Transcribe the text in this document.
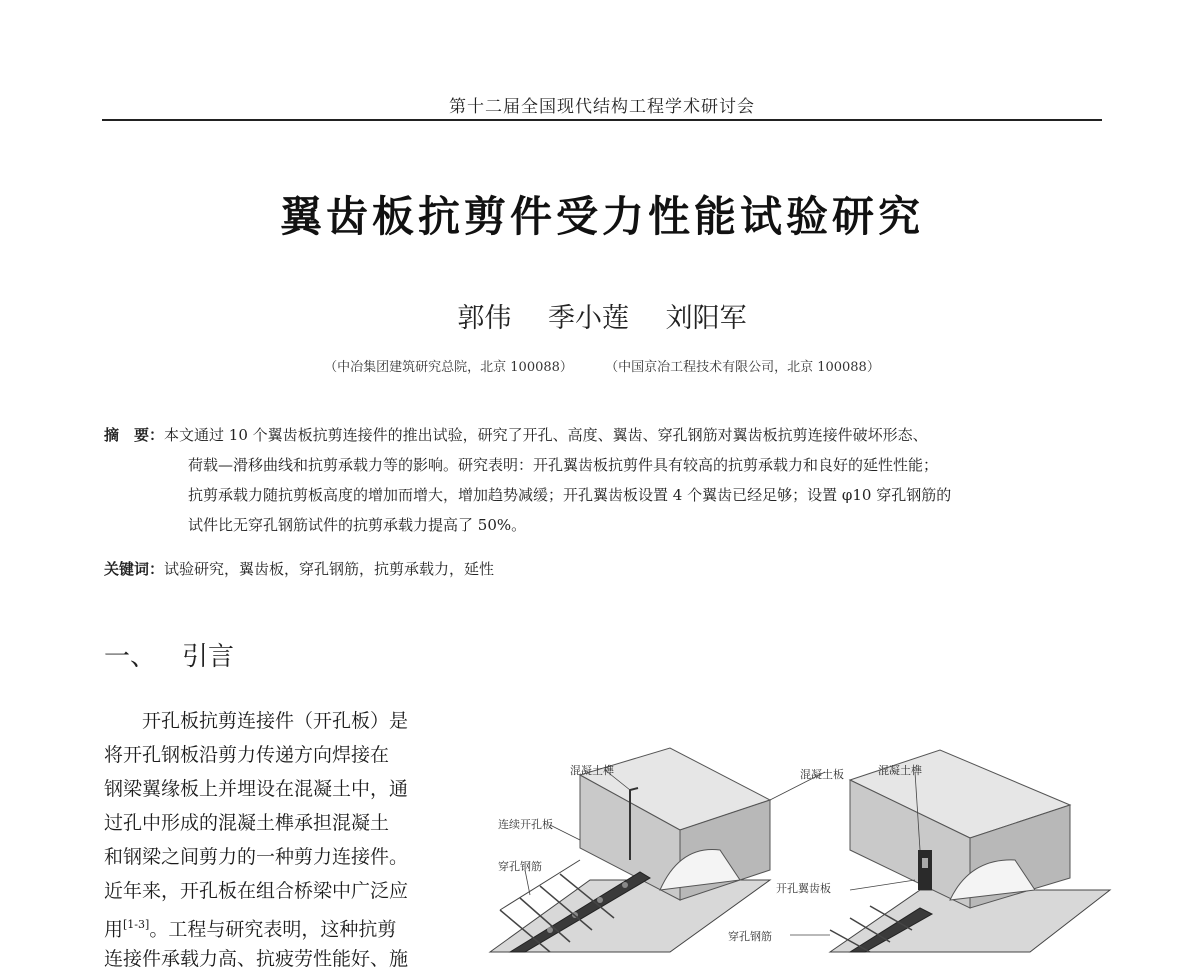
第十二届全国现代结构工程学术研讨会
翼齿板抗剪件受力性能试验研究
郭伟 季小莲 刘阳军
（中冶集团建筑研究总院，北京 100088） （中国京冶工程技术有限公司，北京 100088）
摘　要：本文通过 10 个翼齿板抗剪连接件的推出试验，研究了开孔、高度、翼齿、穿孔钢筋对翼齿板抗剪连接件破坏形态、
荷载—滑移曲线和抗剪承载力等的影响。研究表明：开孔翼齿板抗剪件具有较高的抗剪承载力和良好的延性性能；
抗剪承载力随抗剪板高度的增加而增大，增加趋势减缓；开孔翼齿板设置 4 个翼齿已经足够；设置 φ10 穿孔钢筋的
试件比无穿孔钢筋试件的抗剪承载力提高了 50%。
关键词：试验研究，翼齿板，穿孔钢筋，抗剪承载力，延性
一、 引言
　　开孔板抗剪连接件（开孔板）是
将开孔钢板沿剪力传递方向焊接在
钢梁翼缘板上并埋设在混凝土中，通
过孔中形成的混凝土榫承担混凝土
和钢梁之间剪力的一种剪力连接件。
近年来，开孔板在组合桥梁中广泛应
用[1-3]。工程与研究表明，这种抗剪
连接件承载力高、抗疲劳性能好、施
混凝土榫
连续开孔板
穿孔钢筋
混凝土板	混凝土榫
开孔翼齿板
穿孔钢筋
